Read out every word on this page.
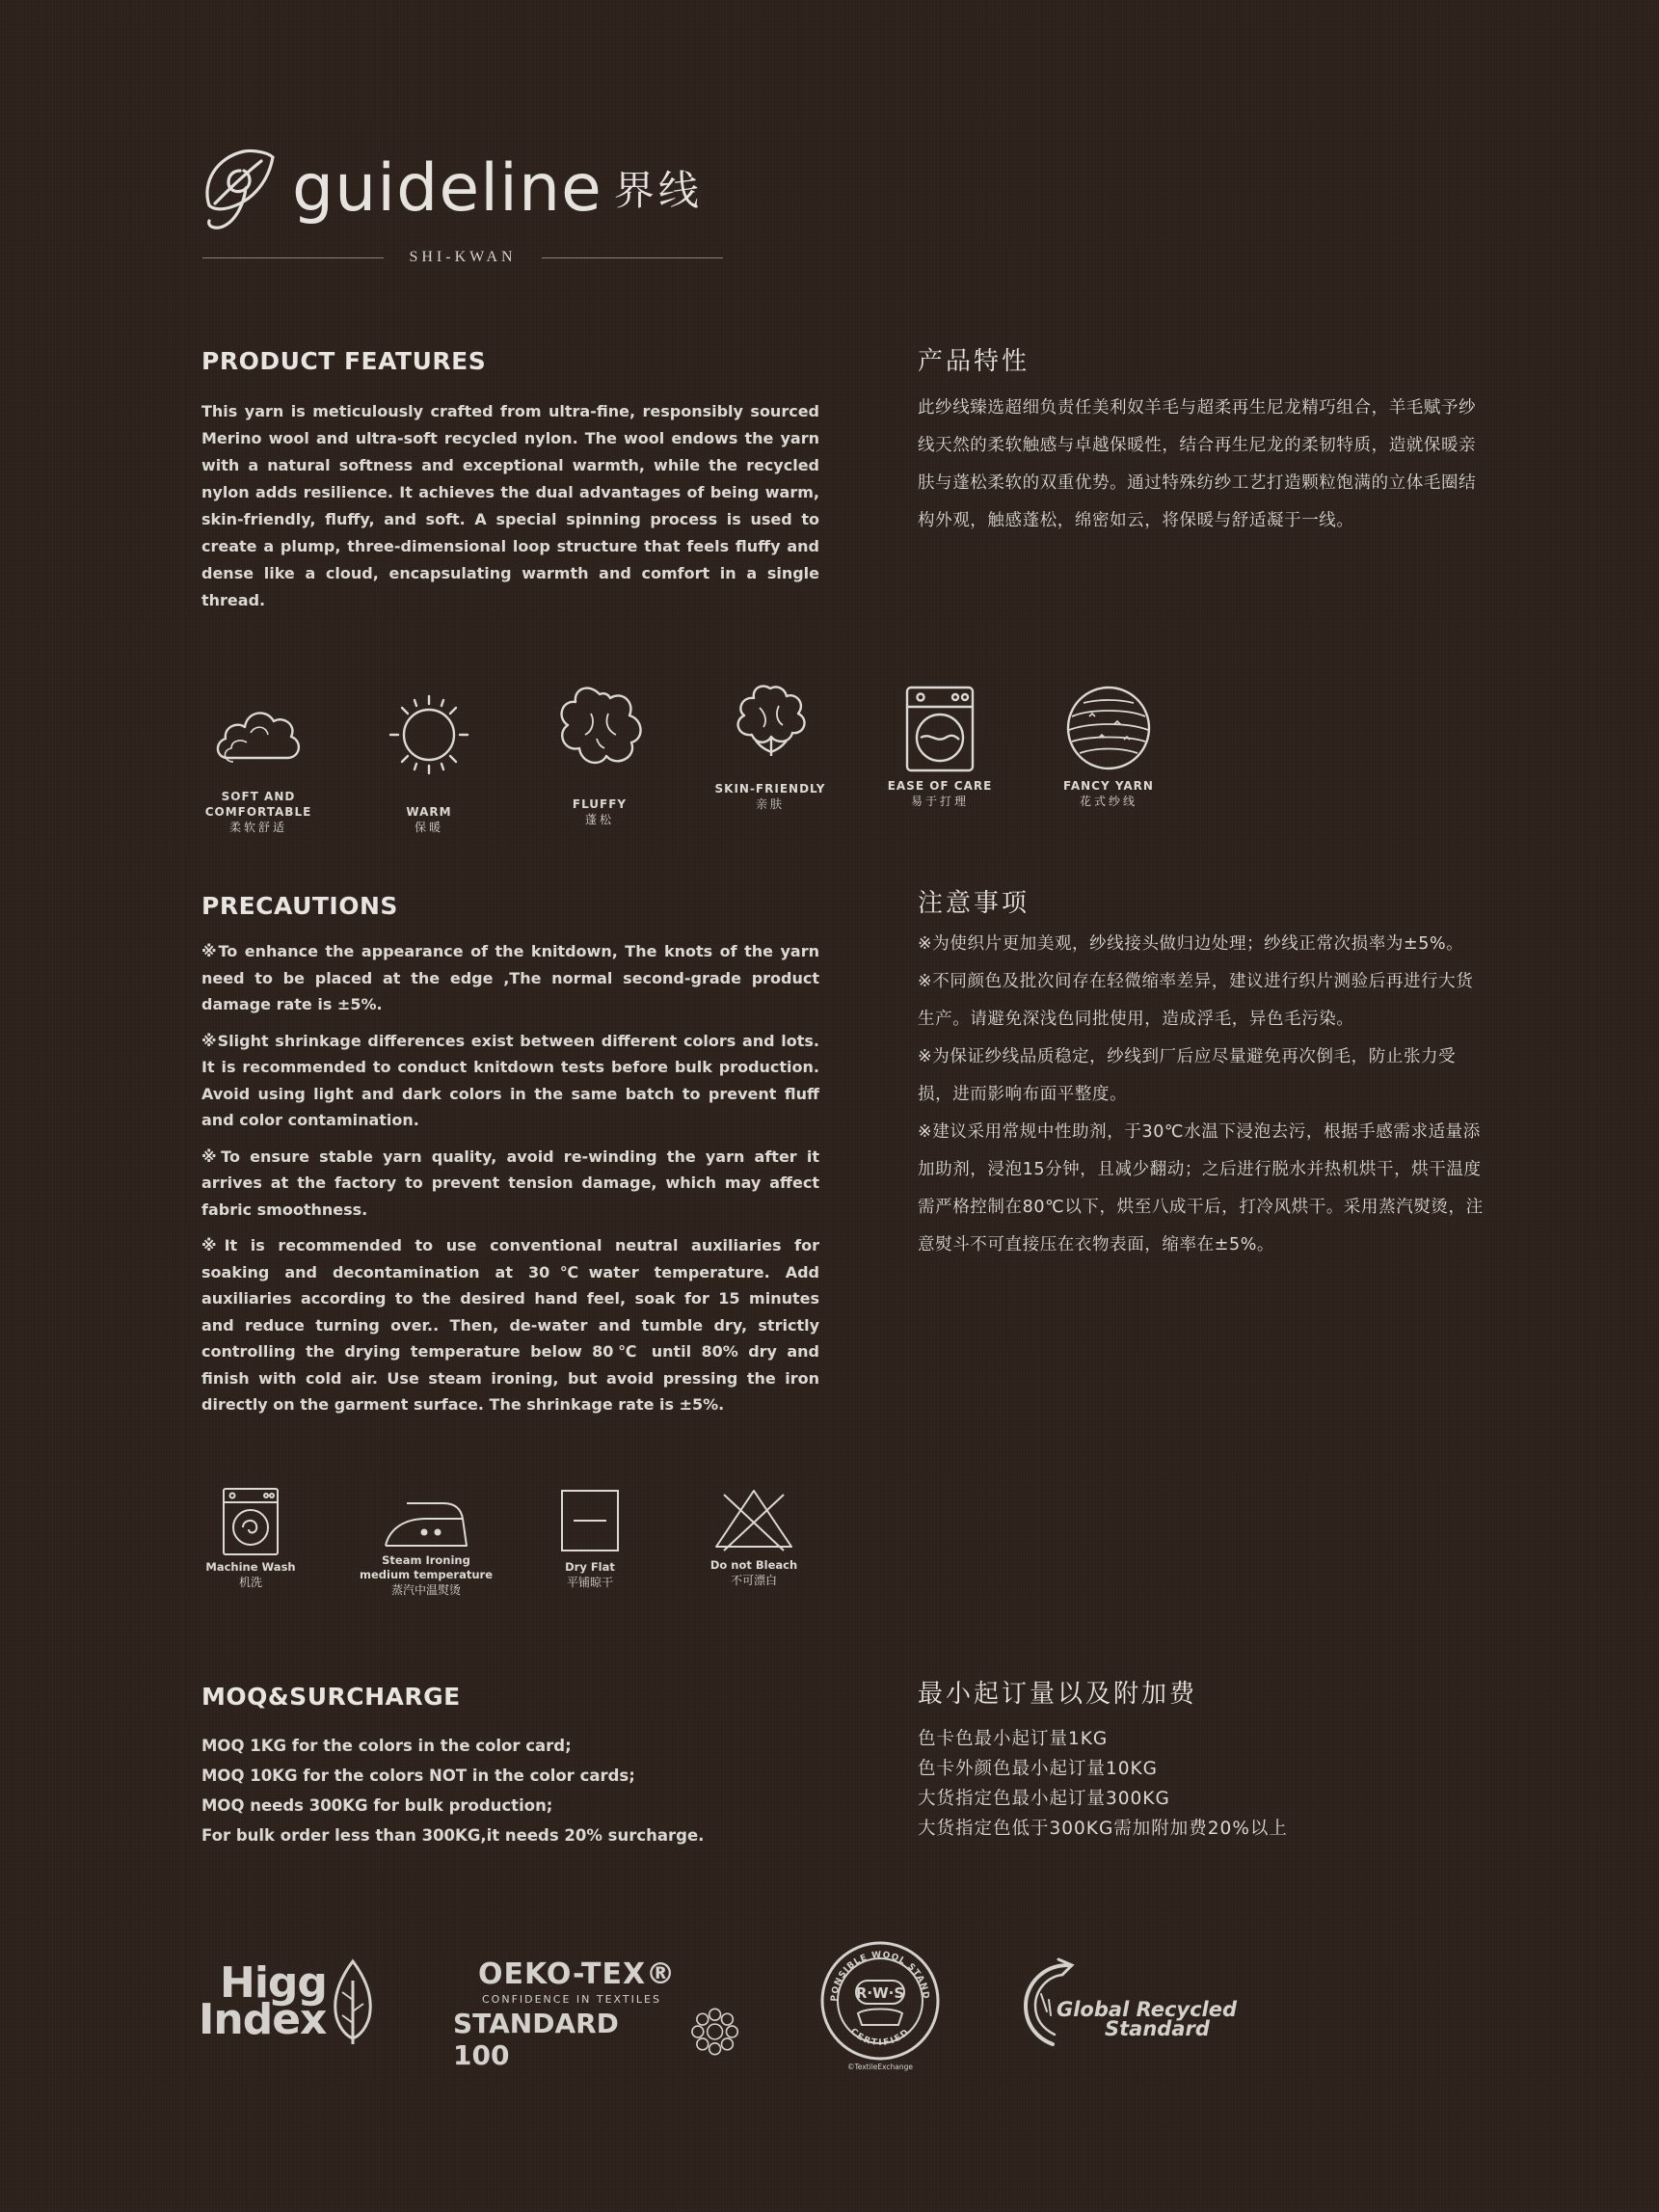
guideline 界线
SHI-KWAN
PRODUCT FEATURES	产品特性

This yarn is meticulously crafted from ultra-fine, responsibly sourced Merino wool and ultra-soft recycled nylon. The wool endows the yarn with a natural softness and exceptional warmth, while the recycled nylon adds resilience. It achieves the dual advantages of being warm, skin-friendly, fluffy, and soft. A special spinning process is used to create a plump, three-dimensional loop structure that feels fluffy and dense like a cloud, encapsulating warmth and comfort in a single thread.

此纱线臻选超细负责任美利奴羊毛与超柔再生尼龙精巧组合，羊毛赋予纱线天然的柔软触感与卓越保暖性，结合再生尼龙的柔韧特质，造就保暖亲肤与蓬松柔软的双重优势。通过特殊纺纱工艺打造颗粒饱满的立体毛圈结构外观，触感蓬松，绵密如云，将保暖与舒适凝于一线。

SOFT AND
COMFORTABLE
柔软舒适
WARM
保暖
FLUFFY
蓬松
SKIN-FRIENDLY
亲肤
EASE OF CARE
易于打理
FANCY YARN
花式纱线
PRECAUTIONS	注意事项

※To enhance the appearance of the knitdown, The knots of the yarn need to be placed at the edge ,The normal second-grade product damage rate is ±5%.

※Slight shrinkage differences exist between different colors and lots. It is recommended to conduct knitdown tests before bulk production. Avoid using light and dark colors in the same batch to prevent fluff and color contamination.

※To ensure stable yarn quality, avoid re-winding the yarn after it arrives at the factory to prevent tension damage, which may affect fabric smoothness.

※It is recommended to use conventional neutral auxiliaries for soaking and decontamination at 30℃water temperature. Add auxiliaries according to the desired hand feel, soak for 15 minutes and reduce turning over.. Then, de-water and tumble dry, strictly controlling the drying temperature below 80℃ until 80% dry and finish with cold air. Use steam ironing, but avoid pressing the iron directly on the garment surface. The shrinkage rate is ±5%.

※为使织片更加美观，纱线接头做归边处理；纱线正常次损率为±5%。

※不同颜色及批次间存在轻微缩率差异，建议进行织片测验后再进行大货生产。请避免深浅色同批使用，造成浮毛，异色毛污染。

※为保证纱线品质稳定，纱线到厂后应尽量避免再次倒毛，防止张力受损，进而影响布面平整度。

※建议采用常规中性助剂，于30℃水温下浸泡去污，根据手感需求适量添加助剂，浸泡15分钟，且减少翻动；之后进行脱水并热机烘干，烘干温度需严格控制在80℃以下，烘至八成干后，打冷风烘干。采用蒸汽熨烫，注意熨斗不可直接压在衣物表面，缩率在±5%。

Machine Wash
机洗
Steam Ironing
medium temperature
蒸汽中温熨烫
Dry Flat
平铺晾干
Do not Bleach
不可漂白
MOQ&SURCHARGE	最小起订量以及附加费
MOQ 1KG for the colors in the color card;
MOQ 10KG for the colors NOT in the color cards;
MOQ needs 300KG for bulk production;
For bulk order less than 300KG,it needs 20% surcharge.
色卡色最小起订量1KG
色卡外颜色最小起订量10KG
大货指定色最小起订量300KG
大货指定色低于300KG需加附加费20%以上
Higg
Index
OEKO-TEX®
CONFIDENCE IN TEXTILES
STANDARD 100
PONSIBLE WOOL STAND
CERTIFIED
R·W·S
©TextileExchange
Global Recycled
Standard
